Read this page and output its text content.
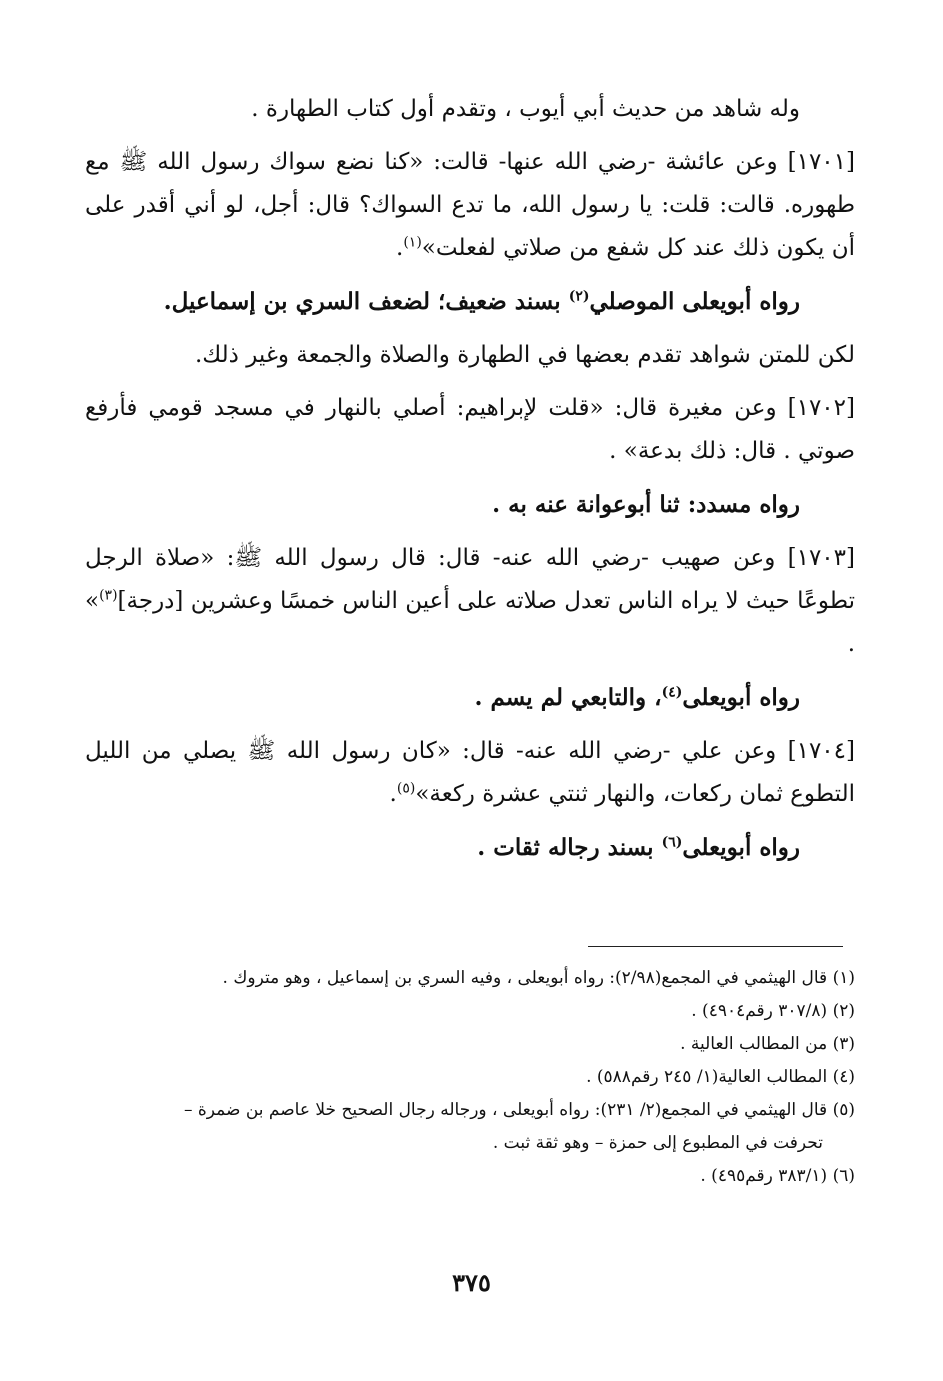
وله شاهد من حديث أبي أيوب ، وتقدم أول كتاب الطهارة .

[١٧٠١] وعن عائشة -رضي الله عنها- قالت: «كنا نضع سواك رسول الله ﷺ مع طهوره. قالت: قلت: يا رسول الله، ما تدع السواك؟ قال: أجل، لو أني أقدر على أن يكون ذلك عند كل شفع من صلاتي لفعلت»$^{(١)}$.

رواه أبويعلى الموصلي$^{(٢)}$ بسند ضعيف؛ لضعف السري بن إسماعيل.

لكن للمتن شواهد تقدم بعضها في الطهارة والصلاة والجمعة وغير ذلك.

[١٧٠٢] وعن مغيرة قال: «قلت لإبراهيم: أصلي بالنهار في مسجد قومي فأرفع صوتي . قال: ذلك بدعة» .

رواه مسدد: ثنا أبوعوانة عنه به .

[١٧٠٣] وعن صهيب -رضي الله عنه- قال: قال رسول الله ﷺ: «صلاة الرجل تطوعًا حيث لا يراه الناس تعدل صلاته على أعين الناس خمسًا وعشرين [درجة]$^{(٣)}$» .

رواه أبويعلى$^{(٤)}$، والتابعي لم يسم .

[١٧٠٤] وعن علي -رضي الله عنه- قال: «كان رسول الله ﷺ يصلي من الليل التطوع ثمان ركعات، والنهار ثنتي عشرة ركعة»$^{(٥)}$.

رواه أبويعلى$^{(٦)}$ بسند رجاله ثقات .

(١) قال الهيثمي في المجمع(٢/٩٨): رواه أبويعلى ، وفيه السري بن إسماعيل ، وهو متروك .

(٢) (٣٠٧/٨ رقم٤٩٠٤) .

(٣) من المطالب العالية .

(٤) المطالب العالية(١/ ٢٤٥ رقم٥٨٨) .

(٥) قال الهيثمي في المجمع(٢/ ٢٣١): رواه أبويعلى ، ورجاله رجال الصحيح خلا عاصم بن ضمرة –
تحرفت في المطبوع إلى حمزة – وهو ثقة ثبت .

(٦) (٣٨٣/١ رقم٤٩٥) .

٣٧٥
